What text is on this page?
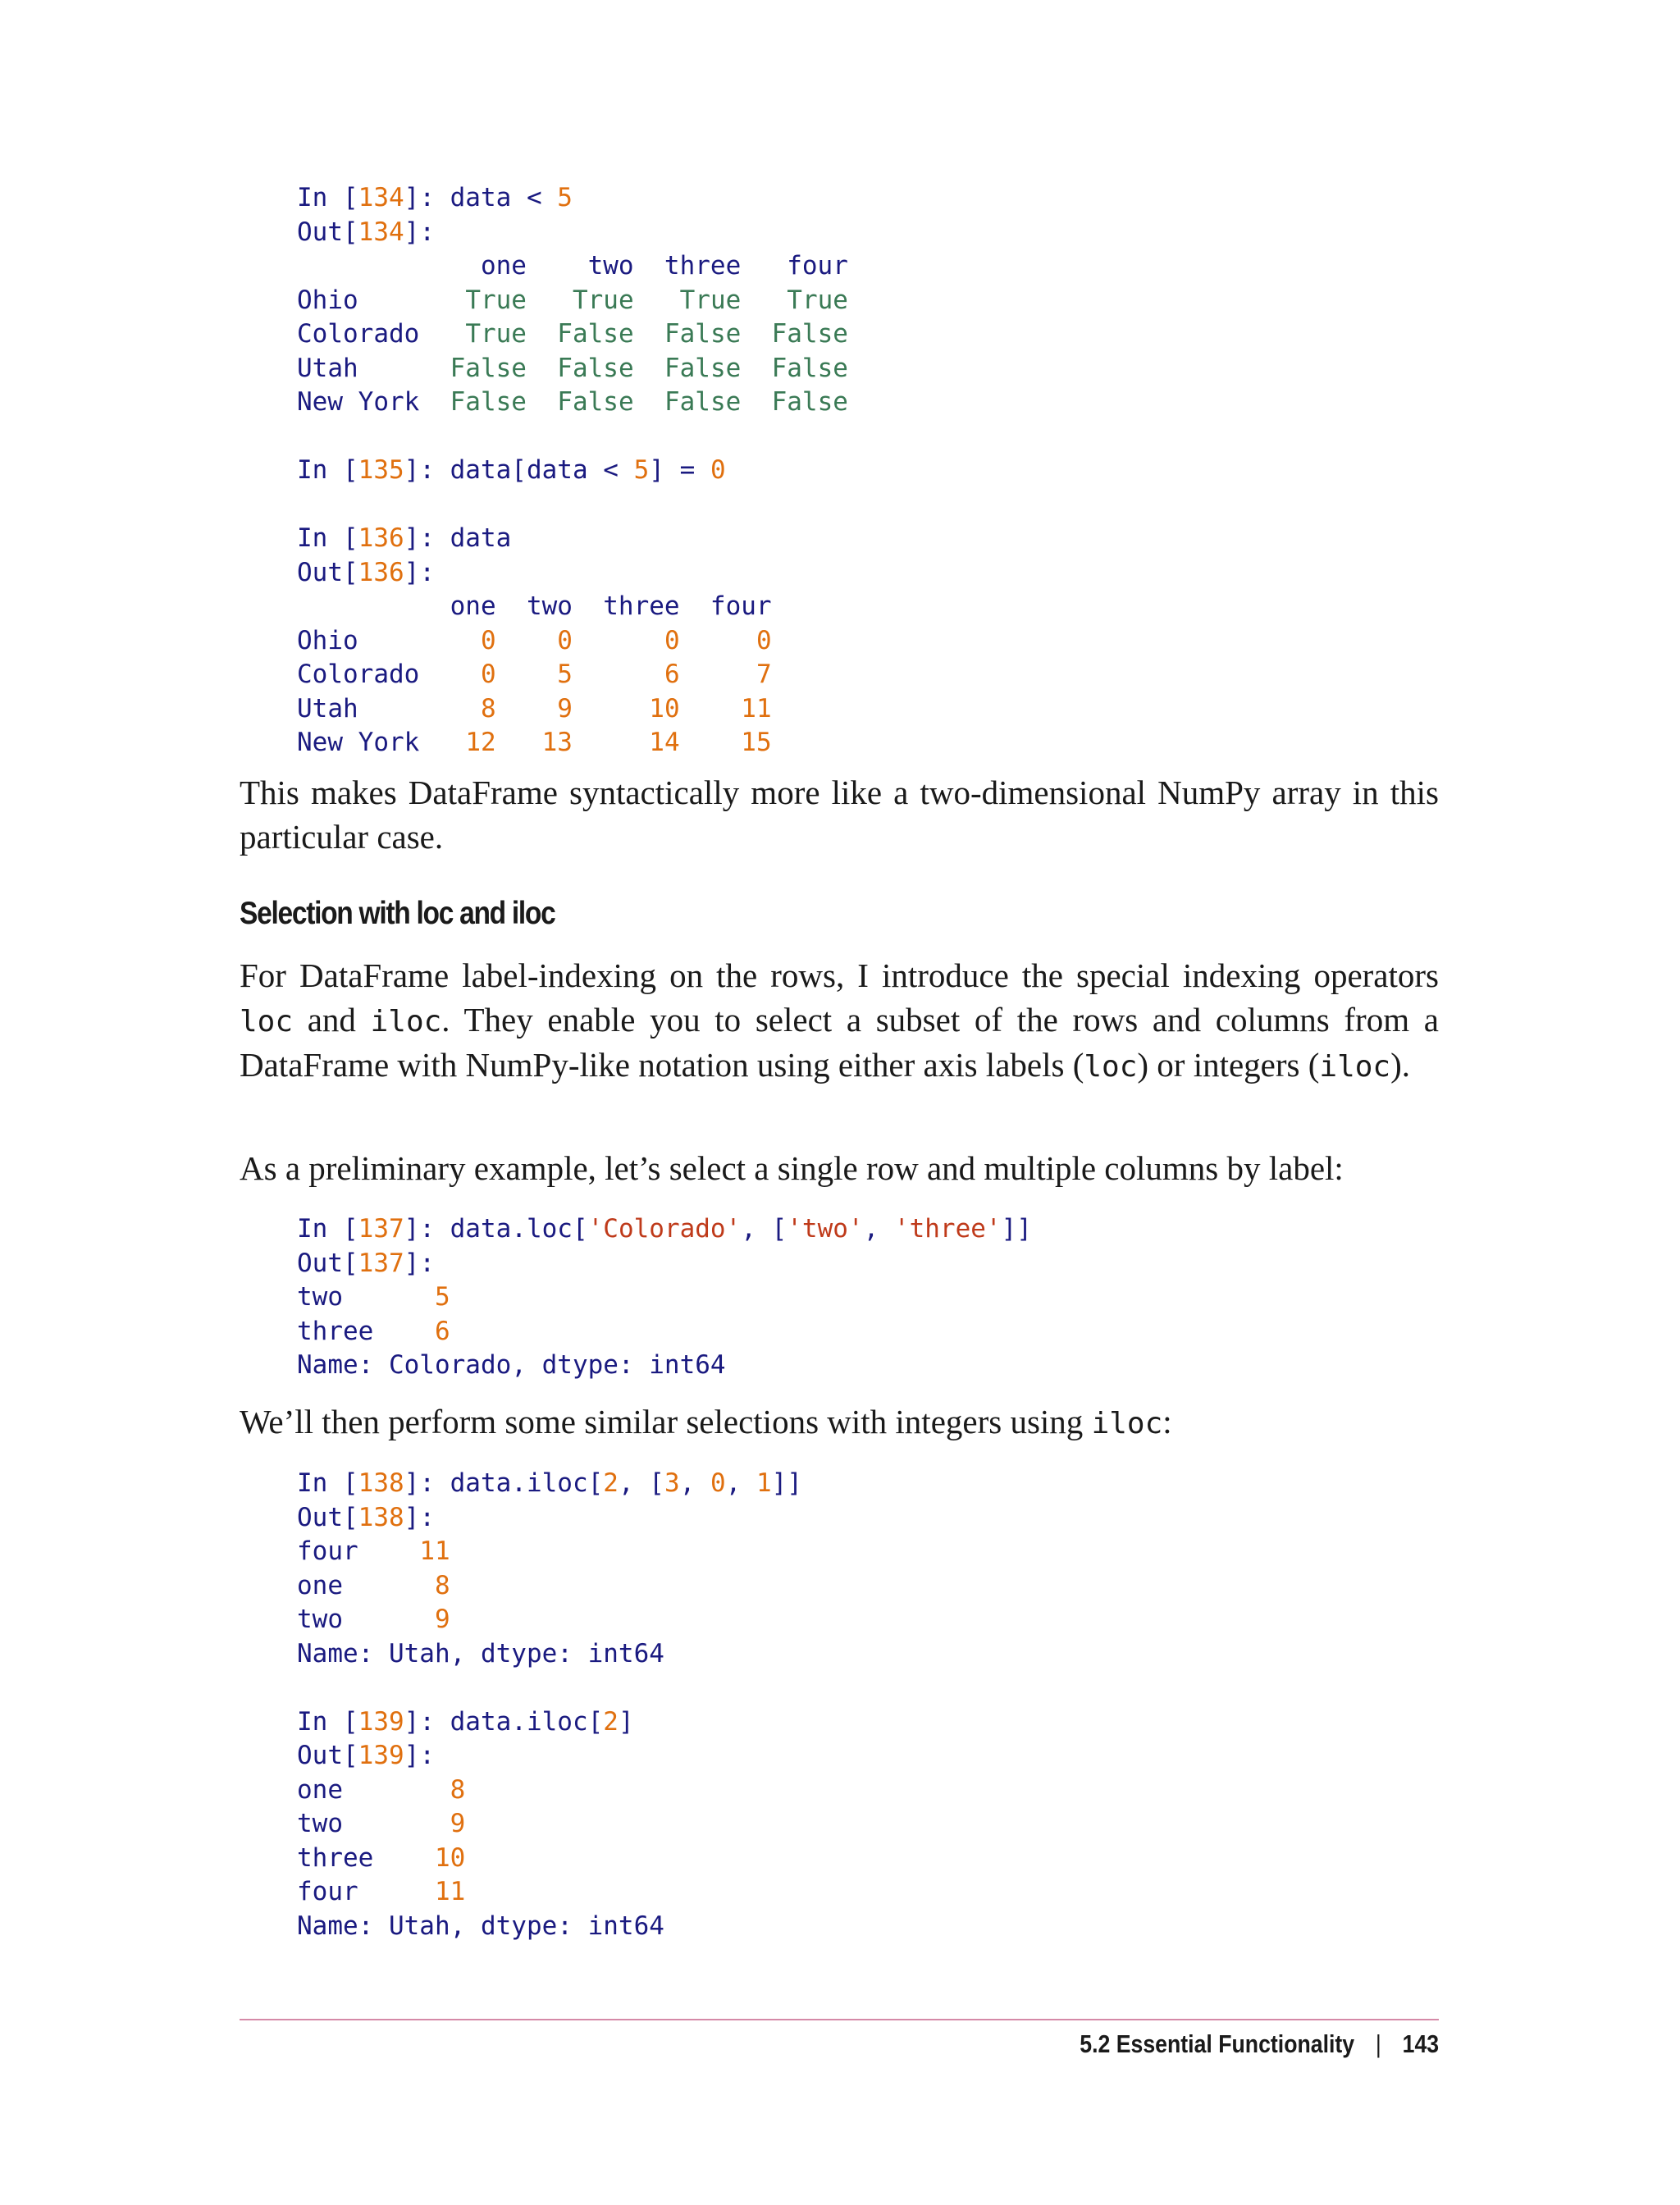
In [134]: data < 5
Out[134]:
one    two  three   four
Ohio       True True True True
Colorado   True False False False
Utah      False False False False
New York  False False False False

In [135]: data[data < 5] = 0

In [136]: data
Out[136]:
one  two  three  four
Ohio        0 0	0	0
Colorado    0 5	6	7
Utah        8 9	10 11
New York   12 13	14 15

This makes DataFrame syntactically more like a two-dimensional NumPy array in this particular case.

Selection with loc and iloc

For DataFrame label-indexing on the rows, I introduce the special indexing operators loc and iloc. They enable you to select a subset of the rows and columns from a DataFrame with NumPy-like notation using either axis labels (loc) or integers (iloc).

As a preliminary example, let’s select a single row and multiple columns by label:

In [137]: data.loc['Colorado', ['two', 'three']]
Out[137]:
two      5
three    6
Name: Colorado, dtype: int64

We’ll then perform some similar selections with integers using iloc:

In [138]: data.iloc[2, [3, 0, 1]]
Out[138]:
four    11
one      8
two      9
Name: Utah, dtype: int64

In [139]: data.iloc[2]
Out[139]:
one       8
two       9
three    10
four     11
Name: Utah, dtype: int64
5.2 Essential Functionality | 143
